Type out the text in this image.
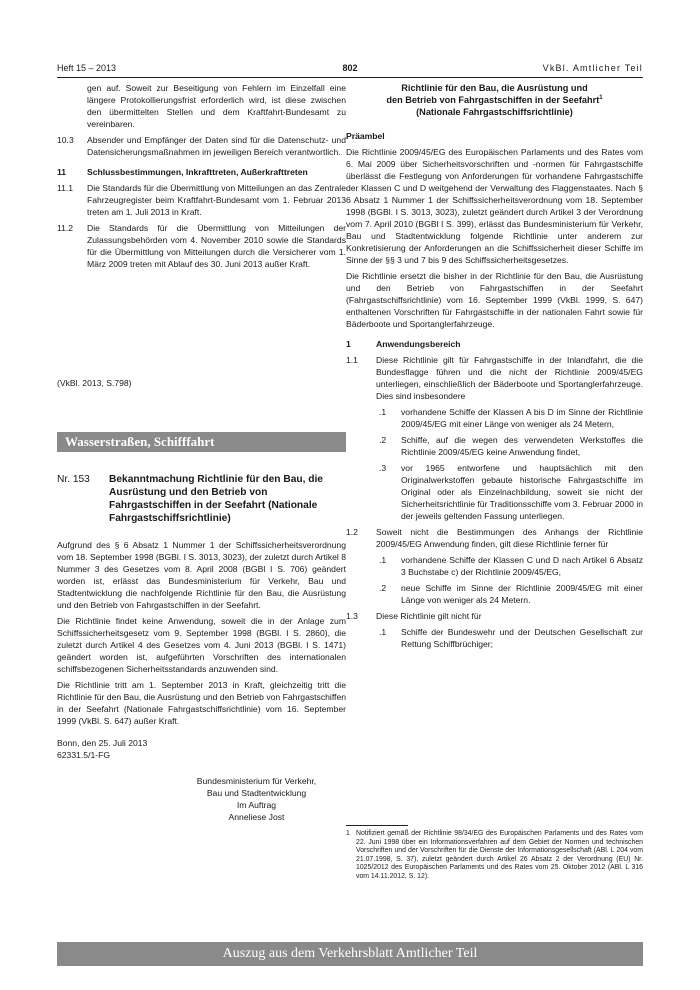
Heft 15 – 2013	802	VkBl. Amtlicher Teil

gen auf. Soweit zur Beseitigung von Fehlern im Einzelfall eine längere Protokollierungsfrist erforderlich wird, ist diese zwischen den übermittelten Stellen und dem Kraftfahrt-Bundesamt zu vereinbaren.

10.3 Absender und Empfänger der Daten sind für die Datenschutz- und Datensicherungsmaßnahmen im jeweiligen Bereich verantwortlich.
11 Schlussbestimmungen, Inkrafttreten, Außerkrafttreten
11.1 Die Standards für die Übermittlung von Mitteilungen an das Zentrale Fahrzeugregister beim Kraftfahrt-Bundesamt vom 1. Februar 2013 treten am 1. Juli 2013 in Kraft.
11.2 Die Standards für die Übermittlung von Mitteilungen der Zulassungsbehörden vom 4. November 2010 sowie die Standards für die Übermittlung von Mitteilungen durch die Versicherer vom 1. März 2009 treten mit Ablauf des 30. Juni 2013 außer Kraft.
(VkBl. 2013, S.798)
Wasserstraßen, Schifffahrt
Nr. 153 Bekanntmachung Richtlinie für den Bau, die Ausrüstung und den Betrieb von Fahrgastschiffen in der Seefahrt (Nationale Fahrgastschiffsrichtlinie)

Aufgrund des § 6 Absatz 1 Nummer 1 der Schiffssicherheitsverordnung vom 18. September 1998 (BGBl. I S. 3013, 3023), der zuletzt durch Artikel 8 Nummer 3 des Gesetzes vom 8. April 2008 (BGBl I S. 706) geändert worden ist, erlässt das Bundesministerium für Verkehr, Bau und Stadtentwicklung die nachfolgende Richtlinie für den Bau, die Ausrüstung und den Betrieb von Fahrgastschiffen in der Seefahrt.

Die Richtlinie findet keine Anwendung, soweit die in der Anlage zum Schiffssicherheitsgesetz vom 9. September 1998 (BGBl. I S. 2860), die zuletzt durch Artikel 4 des Gesetzes vom 4. Juni 2013 (BGBl. I S. 1471) geändert worden ist, aufgeführten Vorschriften des internationalen schiffsbezogenen Sicherheitsstandards anzuwenden sind.

Die Richtlinie tritt am 1. September 2013 in Kraft, gleichzeitig tritt die Richtlinie für den Bau, die Ausrüstung und den Betrieb von Fahrgastschiffen in der Seefahrt (Nationale Fahrgastschiffsrichtlinie) vom 16. September 1999 (VkBl. S. 647) außer Kraft.

Bonn, den 25. Juli 2013
62331.5/1-FG
Bundesministerium für Verkehr,
Bau und Stadtentwicklung
Im Auftrag
Anneliese Jost
Richtlinie für den Bau, die Ausrüstung und
den Betrieb von Fahrgastschiffen in der Seefahrt$^1$
(Nationale Fahrgastschiffsrichtlinie)
Präambel

Die Richtlinie 2009/45/EG des Europäischen Parlaments und des Rates vom 6. Mai 2009 über Sicherheitsvorschriften und -normen für Fahrgastschiffe überlässt die Festlegung von Anforderungen für vorhandene Fahrgastschiffe der Klassen C und D weitgehend der Verwaltung des Flaggenstaates. Nach § 6 Absatz 1 Nummer 1 der Schiffssicherheitsverordnung vom 18. September 1998 (BGBl. I S. 3013, 3023), zuletzt geändert durch Artikel 3 der Verordnung vom 7. April 2010 (BGBl I S. 399), erlässt das Bundesministerium für Verkehr, Bau und Stadtentwicklung folgende Richtlinie unter anderem zur Konkretisierung der Anforderungen an die Schiffssicherheit dieser Schiffe im Sinne der §§ 3 und 7 bis 9 des Schiffssicherheitsgesetzes.

Die Richtlinie ersetzt die bisher in der Richtlinie für den Bau, die Ausrüstung und den Betrieb von Fahrgastschiffen in der Seefahrt (Fahrgastschiffsrichtlinie) vom 16. September 1999 (VkBl. 1999, S. 647) enthaltenen Vorschriften für Fahrgastschiffe in der nationalen Fahrt sowie für Bäderboote und Sportanglerfahrzeuge.

1	Anwendungsbereich
1.1 Diese Richtlinie gilt für Fahrgastschiffe in der Inlandfahrt, die die Bundesflagge führen und die nicht der Richtlinie 2009/45/EG unterliegen, einschließlich der Bäderboote und Sportanglerfahrzeuge. Dies sind insbesondere
.1 vorhandene Schiffe der Klassen A bis D im Sinne der Richtlinie 2009/45/EG mit einer Länge von weniger als 24 Metern,
.2 Schiffe, auf die wegen des verwendeten Werkstoffes die Richtlinie 2009/45/EG keine Anwendung findet,
.3 vor 1965 entworfene und hauptsächlich mit den Originalwerkstoffen gebaute historische Fahrgastschiffe im Original oder als Einzelnachbildung, soweit sie nicht der Sicherheitsrichtlinie für Traditionsschiffe vom 3. Februar 2000 in der jeweils geltenden Fassung unterliegen.
1.2 Soweit nicht die Bestimmungen des Anhangs der Richtlinie 2009/45/EG Anwendung finden, gilt diese Richtlinie ferner für
.1 vorhandene Schiffe der Klassen C und D nach Artikel 6 Absatz 3 Buchstabe c) der Richtlinie 2009/45/EG,
.2 neue Schiffe im Sinne der Richtlinie 2009/45/EG mit einer Länge von weniger als 24 Metern.
1.3 Diese Richtlinie gilt nicht für
.1 Schiffe der Bundeswehr und der Deutschen Gesellschaft zur Rettung Schiffbrüchiger;
1 Notifiziert gemäß der Richtlinie 98/34/EG des Europäischen Parlaments und des Rates vom 22. Juni 1998 über ein Informationsverfahren auf dem Gebiet der Normen und technischen Vorschriften und der Vorschriften für die Dienste der Informationsgesellschaft (ABl. L 204 vom 21.07.1998, S. 37), zuletzt geändert durch Artikel 26 Absatz 2 der Verordnung (EU) Nr. 1025/2012 des Europäischen Parlaments und des Rates vom 25. Oktober 2012 (ABl. L 316 vom 14.11.2012, S. 12).
Auszug aus dem Verkehrsblatt Amtlicher Teil
